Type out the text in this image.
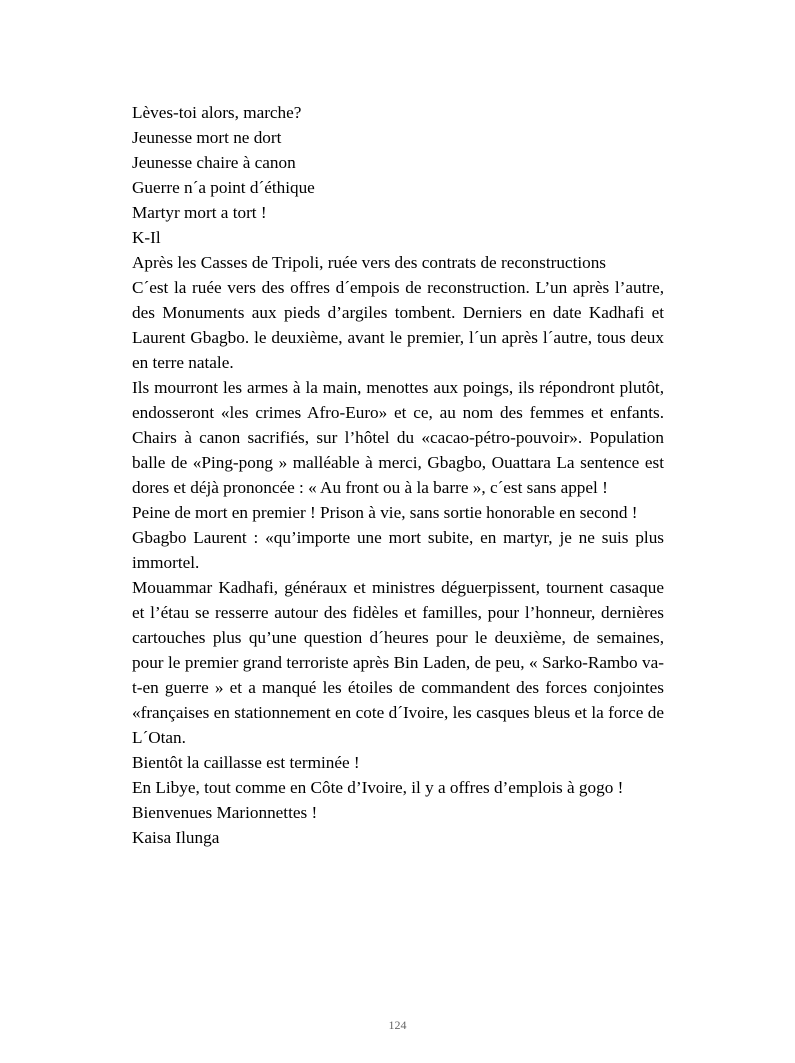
Lèves-toi alors, marche?
Jeunesse mort ne dort
Jeunesse chaire à canon
Guerre n´a point d´éthique
Martyr mort a tort !
K-Il
Après les Casses de Tripoli, ruée vers des contrats de reconstructions
C´est la ruée vers des offres d´empois de reconstruction. L’un après l’autre, des Monuments aux pieds d’argiles tombent. Derniers en date Kadhafi et Laurent Gbagbo. le deuxième, avant le premier, l´un après l´autre, tous deux en terre natale.
Ils mourront les armes à la main, menottes aux poings, ils répondront plutôt, endosseront «les crimes Afro-Euro» et ce, au nom des femmes et enfants. Chairs à canon sacrifiés, sur l’hôtel du «cacao-pétro-pouvoir». Population balle de «Ping-pong » malléable à merci, Gbagbo, Ouattara La sentence est dores et déjà prononcée : « Au front ou à la barre », c´est sans appel !
Peine de mort en premier ! Prison à vie, sans sortie honorable en second !
Gbagbo Laurent : «qu’importe une mort subite, en martyr, je ne suis plus immortel.
Mouammar Kadhafi, généraux et ministres déguerpissent, tournent casaque et l’étau se resserre autour des fidèles et familles, pour l’honneur, dernières cartouches plus qu’une question d´heures pour le deuxième, de semaines, pour le premier grand terroriste après Bin Laden, de peu, « Sarko-Rambo va-t-en guerre » et a manqué les étoiles de commandent des forces conjointes «françaises en stationnement en cote d´Ivoire, les casques bleus et la force de L´Otan.
Bientôt la caillasse est terminée !
En Libye, tout comme en Côte d’Ivoire, il y a offres d’emplois à gogo !
Bienvenues Marionnettes !
Kaisa Ilunga
124
